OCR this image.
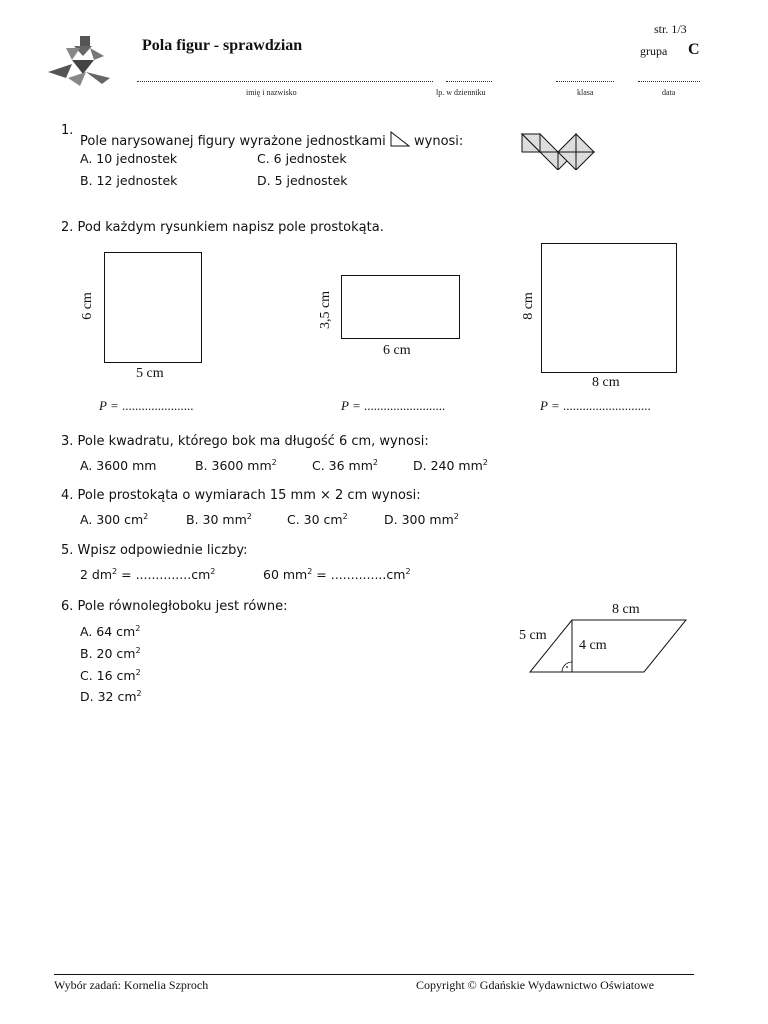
Pola figur - sprawdzian
str. 1/3
grupa C
imię i nazwisko	lp. w dzienniku	klasa	data
1.
Pole narysowanej figury wyrażone jednostkami wynosi:
A. 10 jednostek	C. 6 jednostek
B. 12 jednostek	D. 5 jednostek
2. Pod każdym rysunkiem napisz pole prostokąta.
6 cm
5 cm
3,5 cm
6 cm
8 cm
8 cm
P = ......................	P = .........................	P = ...........................
3. Pole kwadratu, którego bok ma długość 6 cm, wynosi:
A. 3600 mm	B. 3600 $mm^2$	C. 36 $mm^2$	D. 240 $mm^2$
4. Pole prostokąta o wymiarach 15 mm × 2 cm wynosi:
A. 300 $cm^2$	B. 30 $mm^2$	C. 30 $cm^2$	D. 300 $mm^2$
5. Wpisz odpowiednie liczby:
2 $dm^2 = ..............cm^2$	60 $mm^2 = ..............cm^2$
6. Pole równoległoboku jest równe:
A. 64 $cm^2$
B. 20 $cm^2$
C. 16 $cm^2$
D. 32 $cm^2$
8 cm
5 cm
4 cm
Wybór zadań: Kornelia Szproch	Copyright © Gdańskie Wydawnictwo Oświatowe
